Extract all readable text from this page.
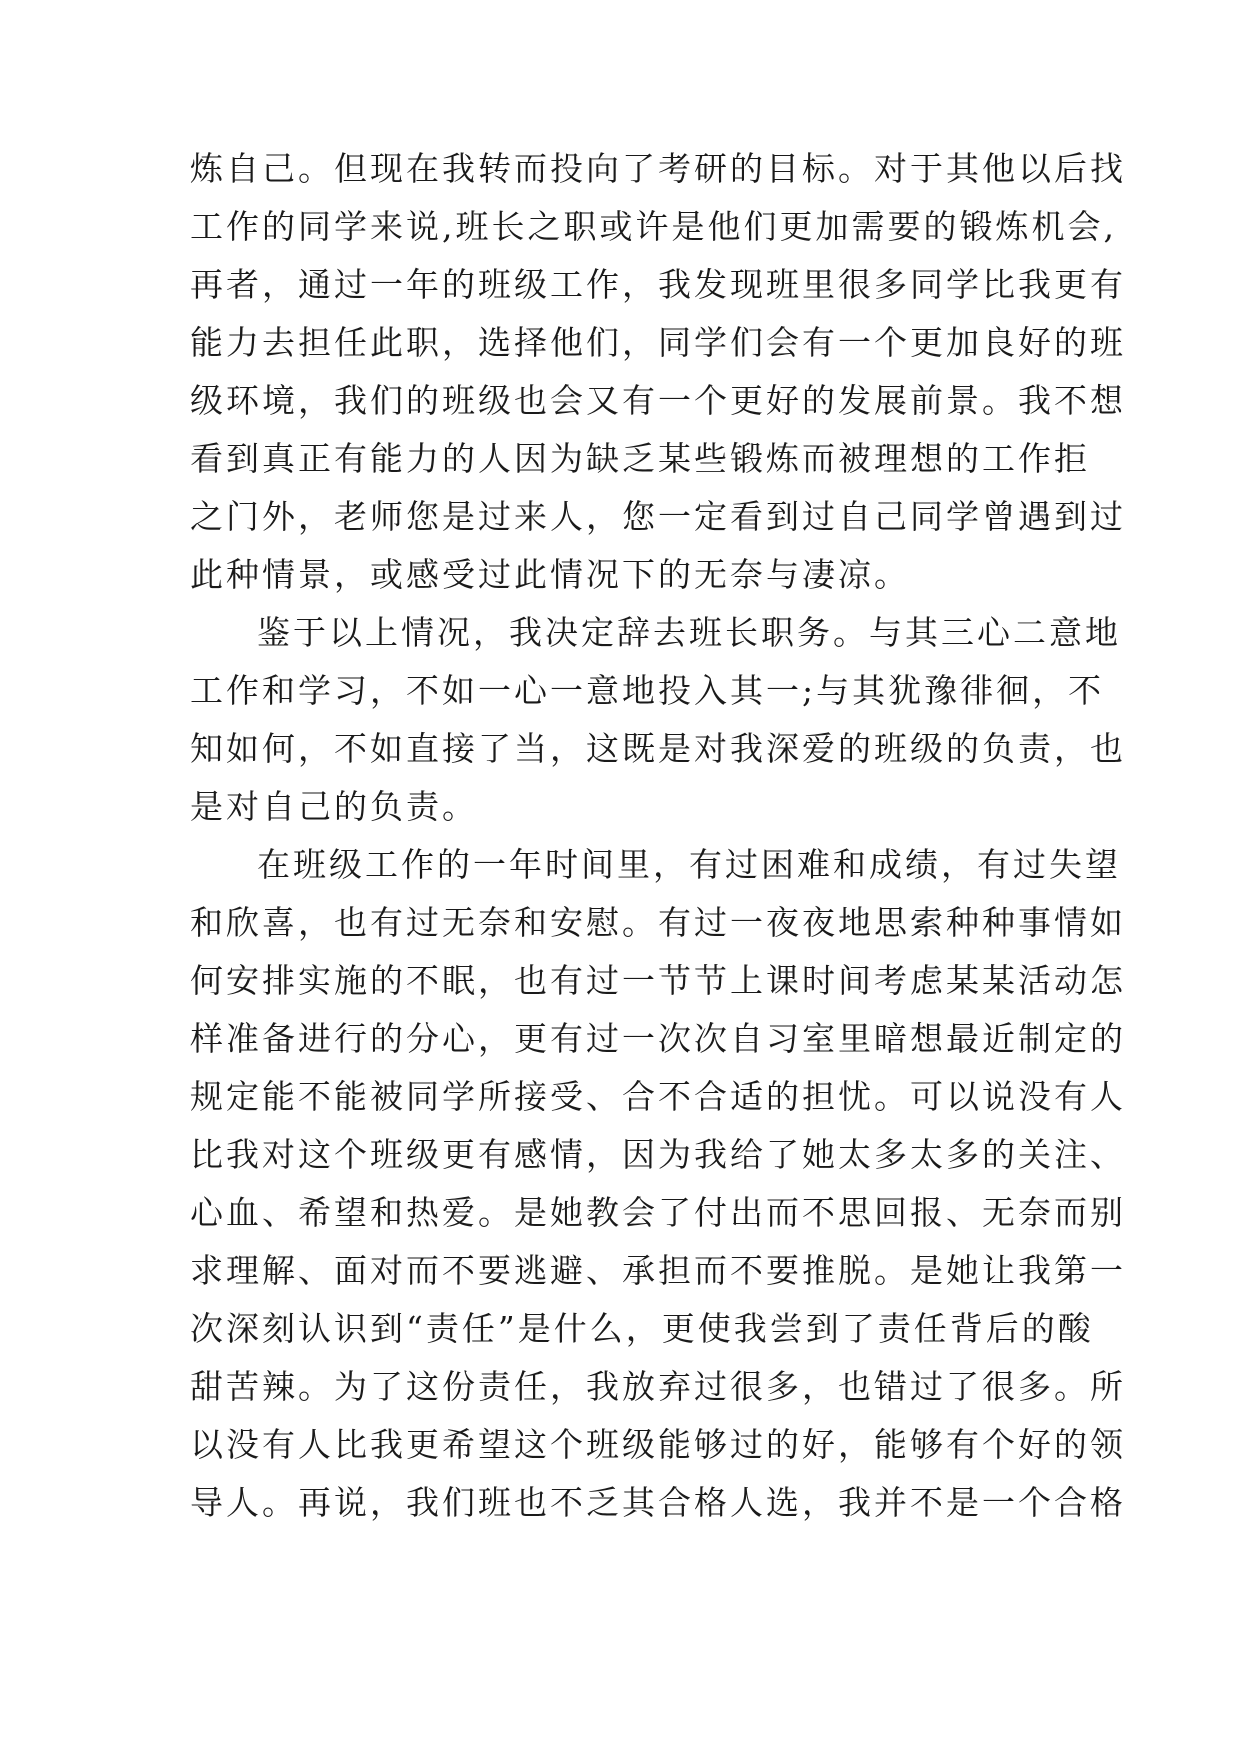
炼自己。但现在我转而投向了考研的目标。对于其他以后找
工作的同学来说,班长之职或许是他们更加需要的锻炼机会,
再者，通过一年的班级工作，我发现班里很多同学比我更有
能力去担任此职，选择他们，同学们会有一个更加良好的班
级环境，我们的班级也会又有一个更好的发展前景。我不想
看到真正有能力的人因为缺乏某些锻炼而被理想的工作拒
之门外，老师您是过来人，您一定看到过自己同学曾遇到过
此种情景，或感受过此情况下的无奈与凄凉。
鉴于以上情况，我决定辞去班长职务。与其三心二意地
工作和学习，不如一心一意地投入其一;与其犹豫徘徊，不
知如何，不如直接了当，这既是对我深爱的班级的负责，也
是对自己的负责。
在班级工作的一年时间里，有过困难和成绩，有过失望
和欣喜，也有过无奈和安慰。有过一夜夜地思索种种事情如
何安排实施的不眠，也有过一节节上课时间考虑某某活动怎
样准备进行的分心，更有过一次次自习室里暗想最近制定的
规定能不能被同学所接受、合不合适的担忧。可以说没有人
比我对这个班级更有感情，因为我给了她太多太多的关注、
心血、希望和热爱。是她教会了付出而不思回报、无奈而别
求理解、面对而不要逃避、承担而不要推脱。是她让我第一
次深刻认识到“责任”是什么，更使我尝到了责任背后的酸
甜苦辣。为了这份责任，我放弃过很多，也错过了很多。所
以没有人比我更希望这个班级能够过的好，能够有个好的领
导人。再说，我们班也不乏其合格人选，我并不是一个合格
